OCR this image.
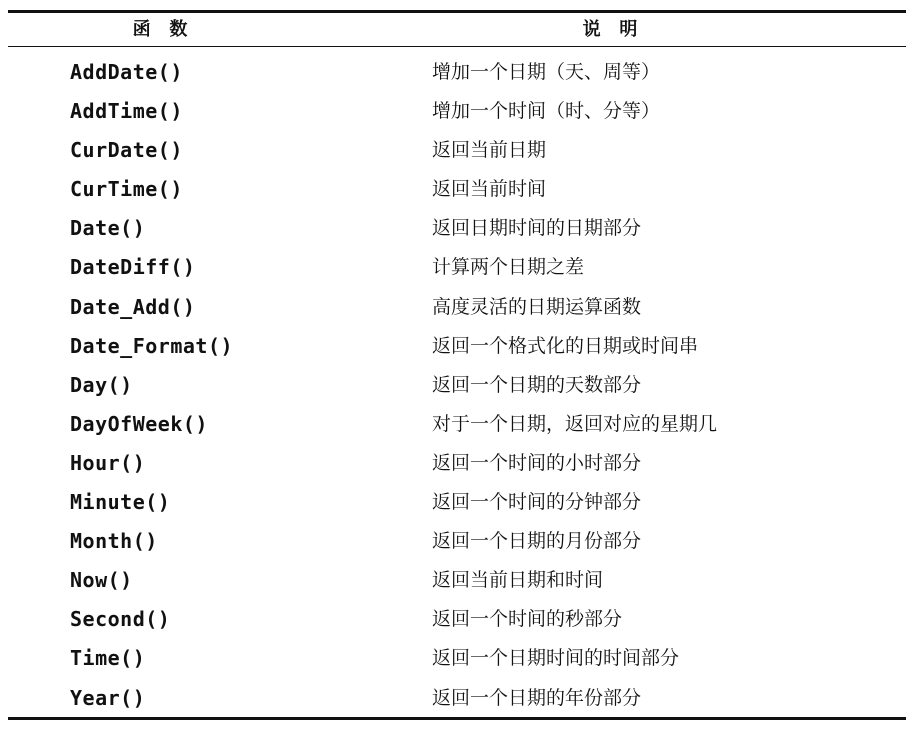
函   数	说   明
AddDate()	增加一个日期（天、周等）
AddTime()	增加一个时间（时、分等）
CurDate()	返回当前日期
CurTime()	返回当前时间
Date()	返回日期时间的日期部分
DateDiff()	计算两个日期之差
Date_Add()	高度灵活的日期运算函数
Date_Format()	返回一个格式化的日期或时间串
Day()	返回一个日期的天数部分
DayOfWeek()	对于一个日期，返回对应的星期几
Hour()	返回一个时间的小时部分
Minute()	返回一个时间的分钟部分
Month()	返回一个日期的月份部分
Now()	返回当前日期和时间
Second()	返回一个时间的秒部分
Time()	返回一个日期时间的时间部分
Year()	返回一个日期的年份部分
